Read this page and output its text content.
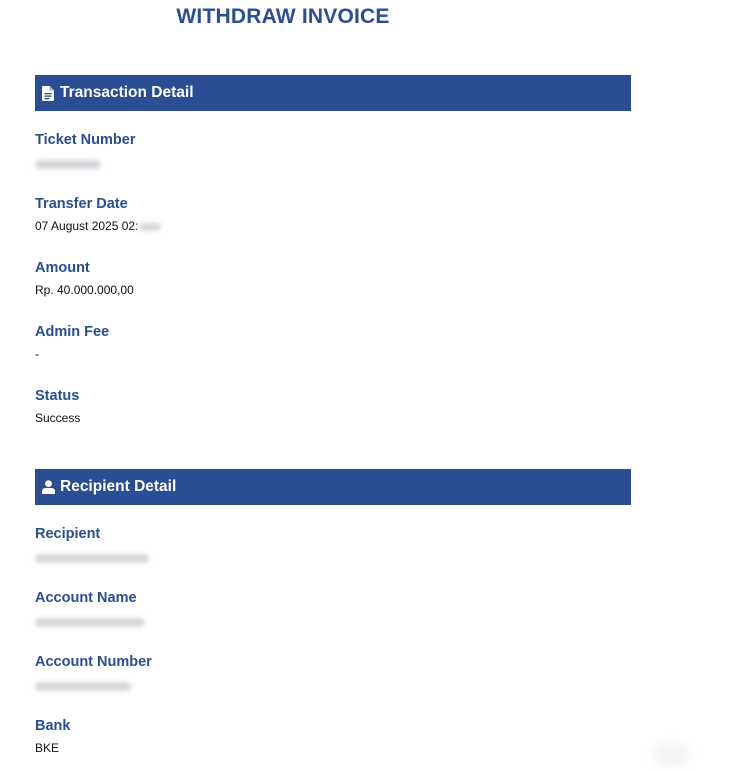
WITHDRAW INVOICE
Transaction Detail
Ticket Number
Transfer Date
07 August 2025 02:
Amount
Rp. 40.000.000,00
Admin Fee
-
Status
Success
Recipient Detail
Recipient
Account Name
Account Number
Bank
BKE
